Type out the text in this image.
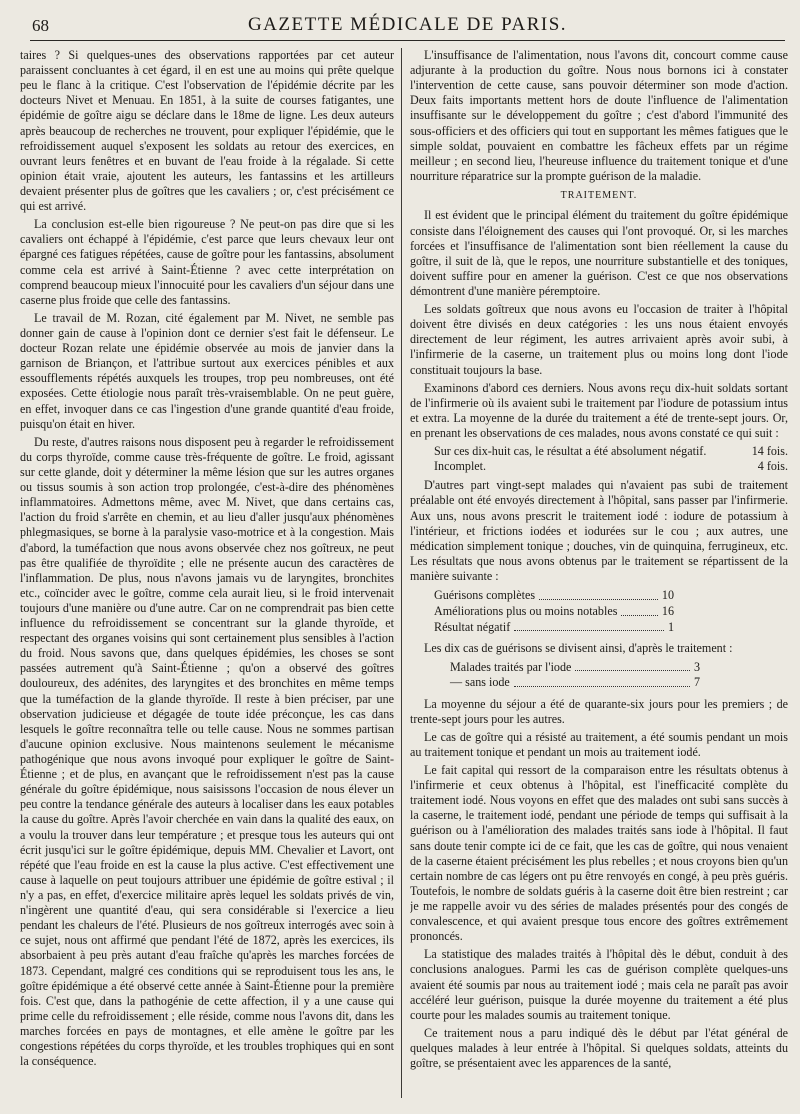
68	GAZETTE MÉDICALE DE PARIS.

taires ? Si quelques-unes des observations rapportées par cet auteur paraissent concluantes à cet égard, il en est une au moins qui prête quelque peu le flanc à la critique. C'est l'observation de l'épidémie décrite par les docteurs Nivet et Menuau. En 1851, à la suite de courses fatigantes, une épidémie de goître aigu se déclare dans le 18me de ligne. Les deux auteurs après beaucoup de recherches ne trouvent, pour expliquer l'épidémie, que le refroidissement auquel s'exposent les soldats au retour des exercices, en ouvrant leurs fenêtres et en buvant de l'eau froide à la régalade. Si cette opinion était vraie, ajoutent les auteurs, les fantassins et les artilleurs devaient présenter plus de goîtres que les cavaliers ; or, c'est précisément ce qui est arrivé.

La conclusion est-elle bien rigoureuse ? Ne peut-on pas dire que si les cavaliers ont échappé à l'épidémie, c'est parce que leurs chevaux leur ont épargné ces fatigues répétées, cause de goître pour les fantassins, absolument comme cela est arrivé à Saint-Étienne ? avec cette interprétation on comprend beaucoup mieux l'innocuité pour les cavaliers d'un séjour dans une caserne plus froide que celle des fantassins.

Le travail de M. Rozan, cité également par M. Nivet, ne semble pas donner gain de cause à l'opinion dont ce dernier s'est fait le défenseur. Le docteur Rozan relate une épidémie observée au mois de janvier dans la garnison de Briançon, et l'attribue surtout aux exercices pénibles et aux essoufflements répétés auxquels les troupes, trop peu nombreuses, ont été exposées. Cette étiologie nous paraît très-vraisemblable. On ne peut guère, en effet, invoquer dans ce cas l'ingestion d'une grande quantité d'eau froide, puisqu'on était en hiver.

Du reste, d'autres raisons nous disposent peu à regarder le refroidissement du corps thyroïde, comme cause très-fréquente de goître. Le froid, agissant sur cette glande, doit y déterminer la même lésion que sur les autres organes ou tissus soumis à son action trop prolongée, c'est-à-dire des phénomènes inflammatoires. Admettons même, avec M. Nivet, que dans certains cas, l'action du froid s'arrête en chemin, et au lieu d'aller jusqu'aux phénomènes phlegmasiques, se borne à la paralysie vaso-motrice et à la congestion. Mais d'abord, la tuméfaction que nous avons observée chez nos goîtreux, ne peut pas être qualifiée de thyroïdite ; elle ne présente aucun des caractères de l'inflammation. De plus, nous n'avons jamais vu de laryngites, bronchites etc., coïncider avec le goître, comme cela aurait lieu, si le froid intervenait toujours d'une manière ou d'une autre. Car on ne comprendrait pas bien cette influence du refroidissement se concentrant sur la glande thyroïde, et respectant des organes voisins qui sont certainement plus sensibles à l'action du froid. Nous savons que, dans quelques épidémies, les choses se sont passées autrement qu'à Saint-Étienne ; qu'on a observé des goîtres douloureux, des adénites, des laryngites et des bronchites en même temps que la tuméfaction de la glande thyroïde. Il reste à bien préciser, par une observation judicieuse et dégagée de toute idée préconçue, les cas dans lesquels le goître reconnaîtra telle ou telle cause. Nous ne sommes partisan d'aucune opinion exclusive. Nous maintenons seulement le mécanisme pathogénique que nous avons invoqué pour expliquer le goître de Saint-Étienne ; et de plus, en avançant que le refroidissement n'est pas la cause générale du goître épidémique, nous saisissons l'occasion de nous élever un peu contre la tendance générale des auteurs à localiser dans les eaux potables la cause du goître. Après l'avoir cherchée en vain dans la qualité des eaux, on a voulu la trouver dans leur température ; et presque tous les auteurs qui ont écrit jusqu'ici sur le goître épidémique, depuis MM. Chevalier et Lavort, ont répété que l'eau froide en est la cause la plus active. C'est effectivement une cause à laquelle on peut toujours attribuer une épidémie de goître estival ; il n'y a pas, en effet, d'exercice militaire après lequel les soldats privés de vin, n'ingèrent une quantité d'eau, qui sera considérable si l'exercice a lieu pendant les chaleurs de l'été. Plusieurs de nos goîtreux interrogés avec soin à ce sujet, nous ont affirmé que pendant l'été de 1872, après les exercices, ils absorbaient à peu près autant d'eau fraîche qu'après les marches forcées de 1873. Cependant, malgré ces conditions qui se reproduisent tous les ans, le goître épidémique a été observé cette année à Saint-Étienne pour la première fois. C'est que, dans la pathogénie de cette affection, il y a une cause qui prime celle du refroidissement ; elle réside, comme nous l'avons dit, dans les marches forcées en pays de montagnes, et elle amène le goître par les congestions répétées du corps thyroïde, et les troubles trophiques qui en sont la conséquence.

L'insuffisance de l'alimentation, nous l'avons dit, concourt comme cause adjurante à la production du goître. Nous nous bornons ici à constater l'intervention de cette cause, sans pouvoir déterminer son mode d'action. Deux faits importants mettent hors de doute l'influence de l'alimentation insuffisante sur le développement du goître ; c'est d'abord l'immunité des sous-officiers et des officiers qui tout en supportant les mêmes fatigues que le simple soldat, pouvaient en combattre les fâcheux effets par un régime meilleur ; en second lieu, l'heureuse influence du traitement tonique et d'une nourriture réparatrice sur la prompte guérison de la maladie.

TRAITEMENT.

Il est évident que le principal élément du traitement du goître épidémique consiste dans l'éloignement des causes qui l'ont provoqué. Or, si les marches forcées et l'insuffisance de l'alimentation sont bien réellement la cause du goître, il suit de là, que le repos, une nourriture substantielle et des toniques, doivent suffire pour en amener la guérison. C'est ce que nos observations démontrent d'une manière péremptoire.

Les soldats goîtreux que nous avons eu l'occasion de traiter à l'hôpital doivent être divisés en deux catégories : les uns nous étaient envoyés directement de leur régiment, les autres arrivaient après avoir subi, à l'infirmerie de la caserne, un traitement plus ou moins long dont l'iode constituait toujours la base.

Examinons d'abord ces derniers. Nous avons reçu dix-huit soldats sortant de l'infirmerie où ils avaient subi le traitement par l'iodure de potassium intus et extra. La moyenne de la durée du traitement a été de trente-sept jours. Or, en prenant les observations de ces malades, nous avons constaté ce qui suit :

Sur ces dix-huit cas, le résultat a été absolument négatif.	14 fois.
Incomplet.	4 fois.

D'autres part vingt-sept malades qui n'avaient pas subi de traitement préalable ont été envoyés directement à l'hôpital, sans passer par l'infirmerie. Aux uns, nous avons prescrit le traitement iodé : iodure de potassium à l'intérieur, et frictions iodées et iodurées sur le cou ; aux autres, une médication simplement tonique ; douches, vin de quinquina, ferrugineux, etc. Les résultats que nous avons obtenus par le traitement se répartissent de la manière suivante :

Guérisons complètes	10
Améliorations plus ou moins notables	16
Résultat négatif	1

Les dix cas de guérisons se divisent ainsi, d'après le traitement :

Malades traités par l'iode	3
— sans iode	7

La moyenne du séjour a été de quarante-six jours pour les premiers ; de trente-sept jours pour les autres.

Le cas de goître qui a résisté au traitement, a été soumis pendant un mois au traitement tonique et pendant un mois au traitement iodé.

Le fait capital qui ressort de la comparaison entre les résultats obtenus à l'infirmerie et ceux obtenus à l'hôpital, est l'inefficacité complète du traitement iodé. Nous voyons en effet que des malades ont subi sans succès à la caserne, le traitement iodé, pendant une période de temps qui suffisait à la guérison ou à l'amélioration des malades traités sans iode à l'hôpital. Il faut sans doute tenir compte ici de ce fait, que les cas de goître, qui nous venaient de la caserne étaient précisément les plus rebelles ; et nous croyons bien qu'un certain nombre de cas légers ont pu être renvoyés en congé, à peu près guéris. Toutefois, le nombre de soldats guéris à la caserne doit être bien restreint ; car je me rappelle avoir vu des séries de malades présentés pour des congés de convalescence, et qui avaient presque tous encore des goîtres extrêmement prononcés.

La statistique des malades traités à l'hôpital dès le début, conduit à des conclusions analogues. Parmi les cas de guérison complète quelques-uns avaient été soumis par nous au traitement iodé ; mais cela ne paraît pas avoir accéléré leur guérison, puisque la durée moyenne du traitement a été plus courte pour les malades soumis au traitement tonique.

Ce traitement nous a paru indiqué dès le début par l'état général de quelques malades à leur entrée à l'hôpital. Si quelques soldats, atteints du goître, se présentaient avec les apparences de la santé,
